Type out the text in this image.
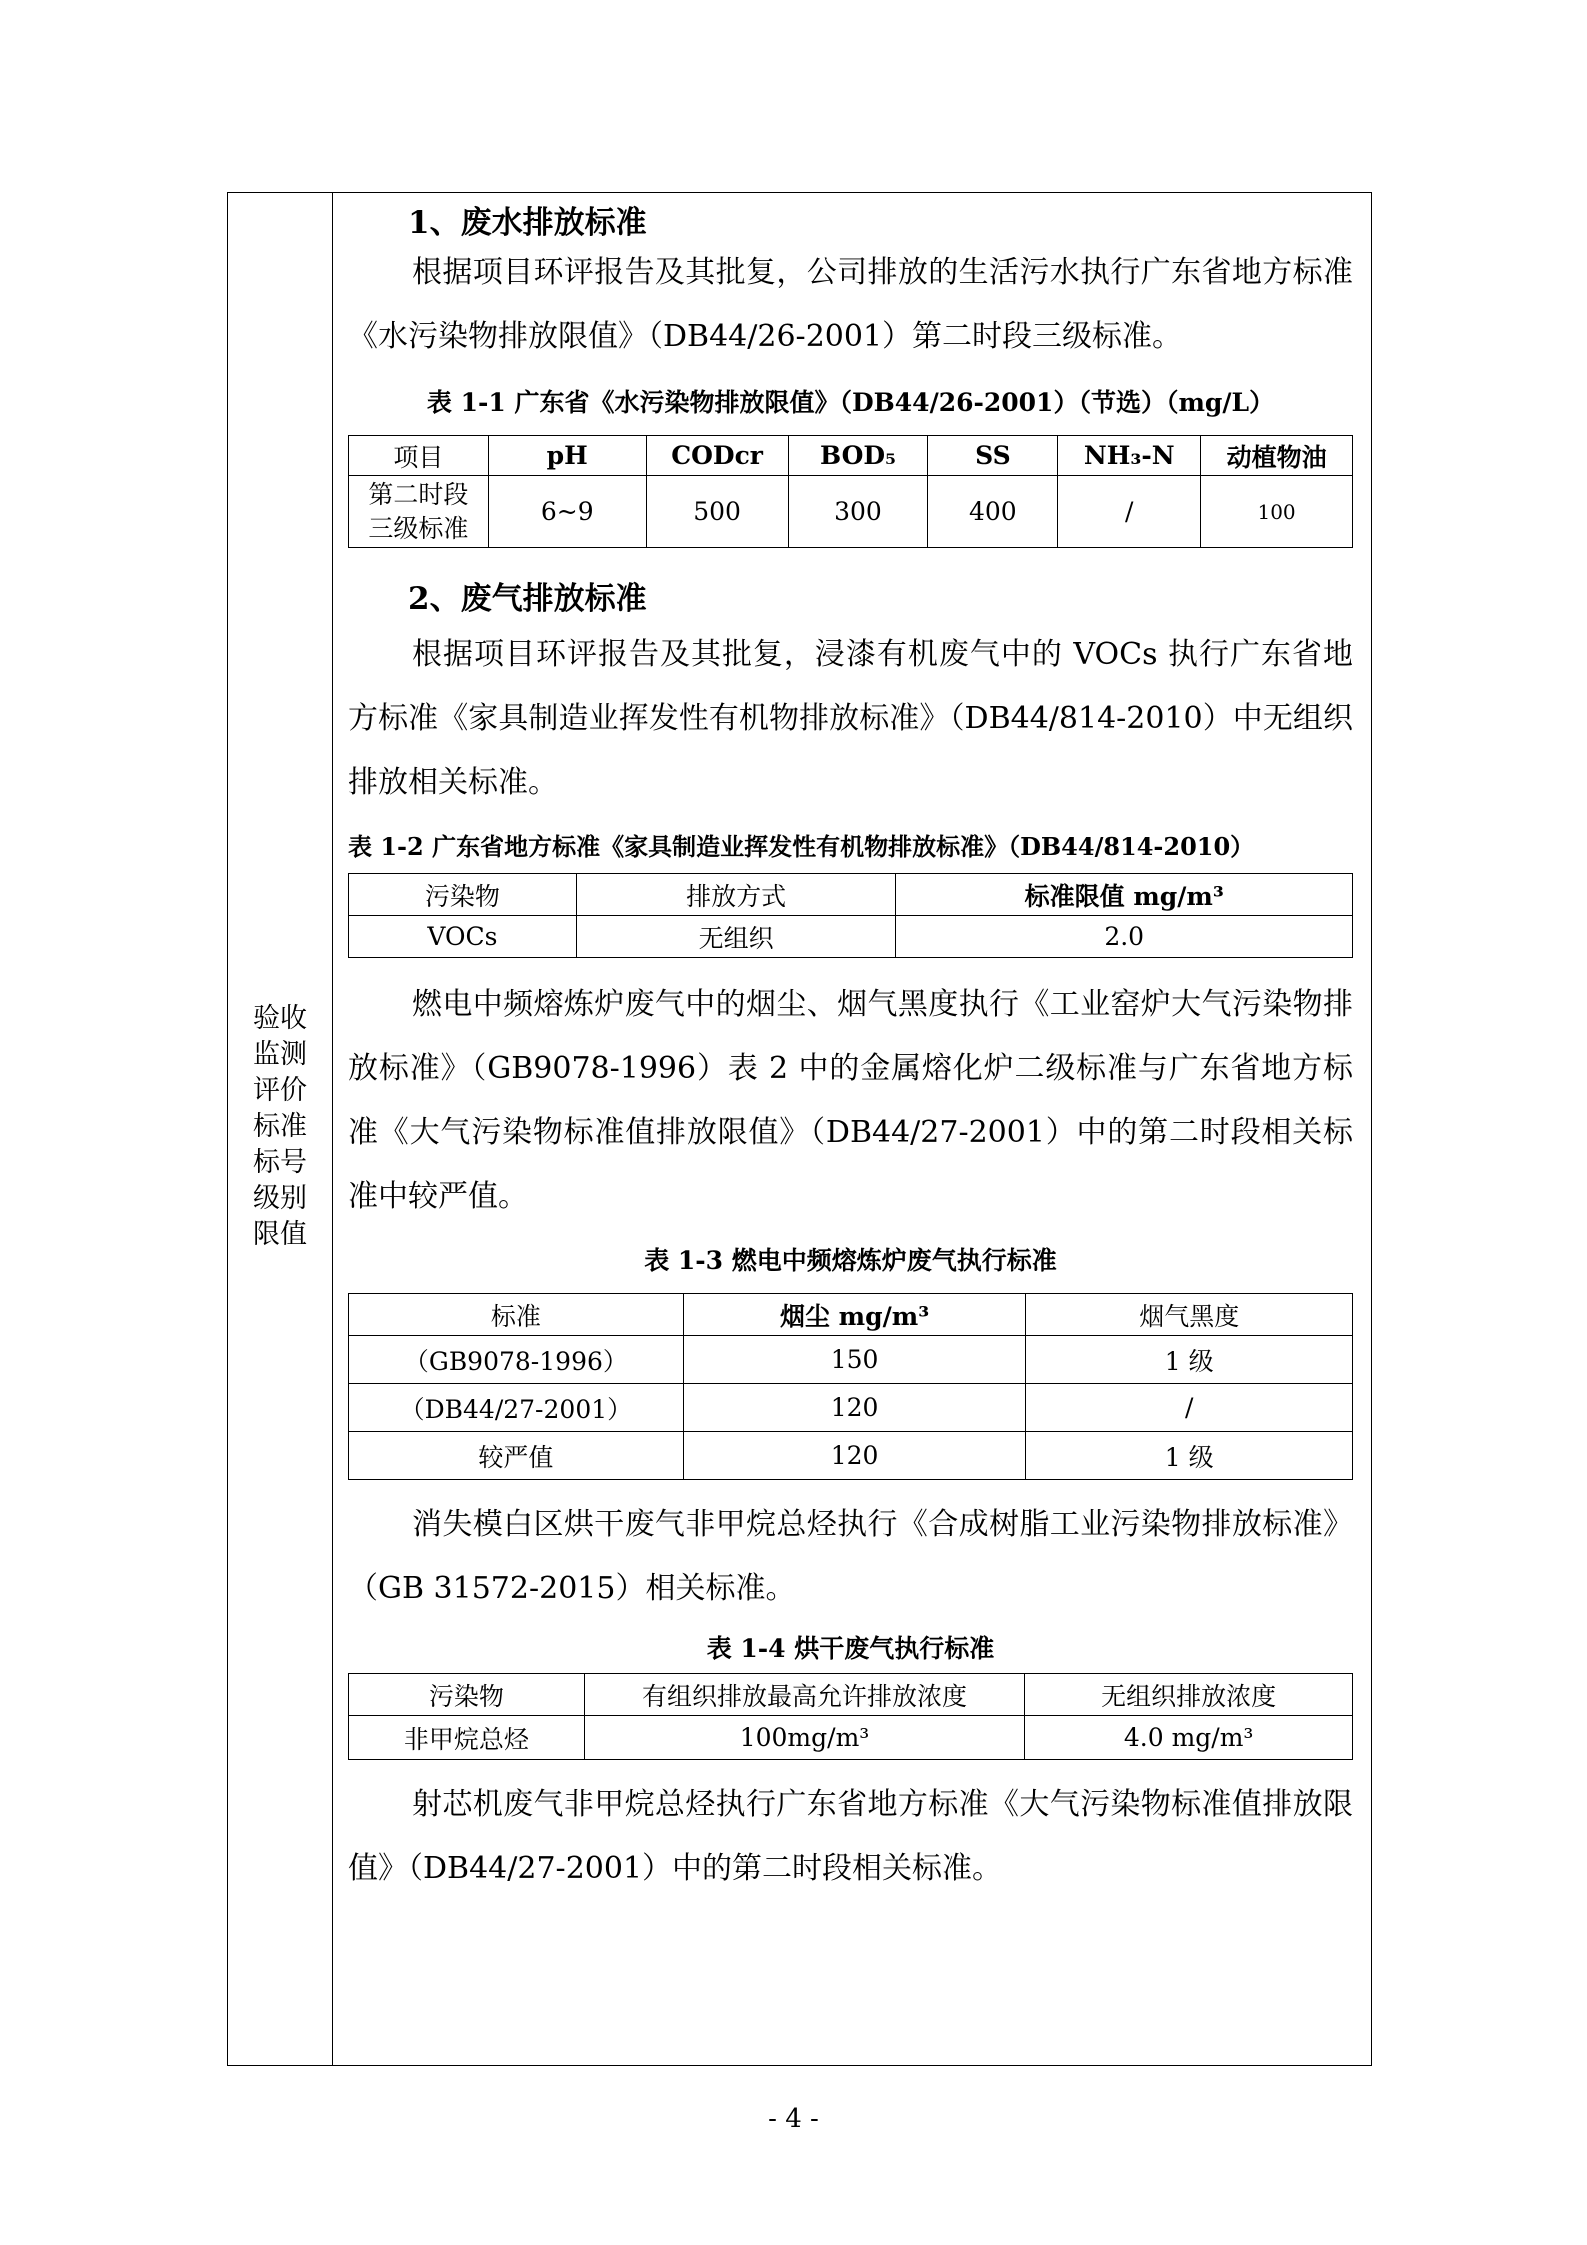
验收
监测
评价
标准
标号
级别
限值
1、废水排放标准
根据项目环评报告及其批复，公司排放的生活污水执行广东省地方标准《水污染物排放限值》（DB44/26-2001）第二时段三级标准。
表 1-1 广东省《水污染物排放限值》（DB44/26-2001）（节选）（mg/L）
项目	pH	CODcr	BOD₅	SS	NH₃-N	动植物油
第二时段三级标准	6~9	500	300	400	/	100
2、废气排放标准
根据项目环评报告及其批复，浸漆有机废气中的 VOCs 执行广东省地方标准《家具制造业挥发性有机物排放标准》（DB44/814-2010）中无组织排放相关标准。
表 1-2 广东省地方标准《家具制造业挥发性有机物排放标准》（DB44/814-2010）
污染物	排放方式	标准限值 mg/m³
VOCs	无组织	2.0
燃电中频熔炼炉废气中的烟尘、烟气黑度执行《工业窑炉大气污染物排放标准》（GB9078-1996）表 2 中的金属熔化炉二级标准与广东省地方标准《大气污染物标准值排放限值》（DB44/27-2001）中的第二时段相关标准中较严值。
表 1-3 燃电中频熔炼炉废气执行标准
标准	烟尘 mg/m³	烟气黑度
（GB9078-1996）	150	1 级
（DB44/27-2001）	120	/
较严值	120	1 级
消失模白区烘干废气非甲烷总烃执行《合成树脂工业污染物排放标准》（GB 31572-2015）相关标准。
表 1-4 烘干废气执行标准
污染物	有组织排放最高允许排放浓度	无组织排放浓度
非甲烷总烃	100mg/m³	4.0 mg/m³
射芯机废气非甲烷总烃执行广东省地方标准《大气污染物标准值排放限值》（DB44/27-2001）中的第二时段相关标准。
- 4 -
